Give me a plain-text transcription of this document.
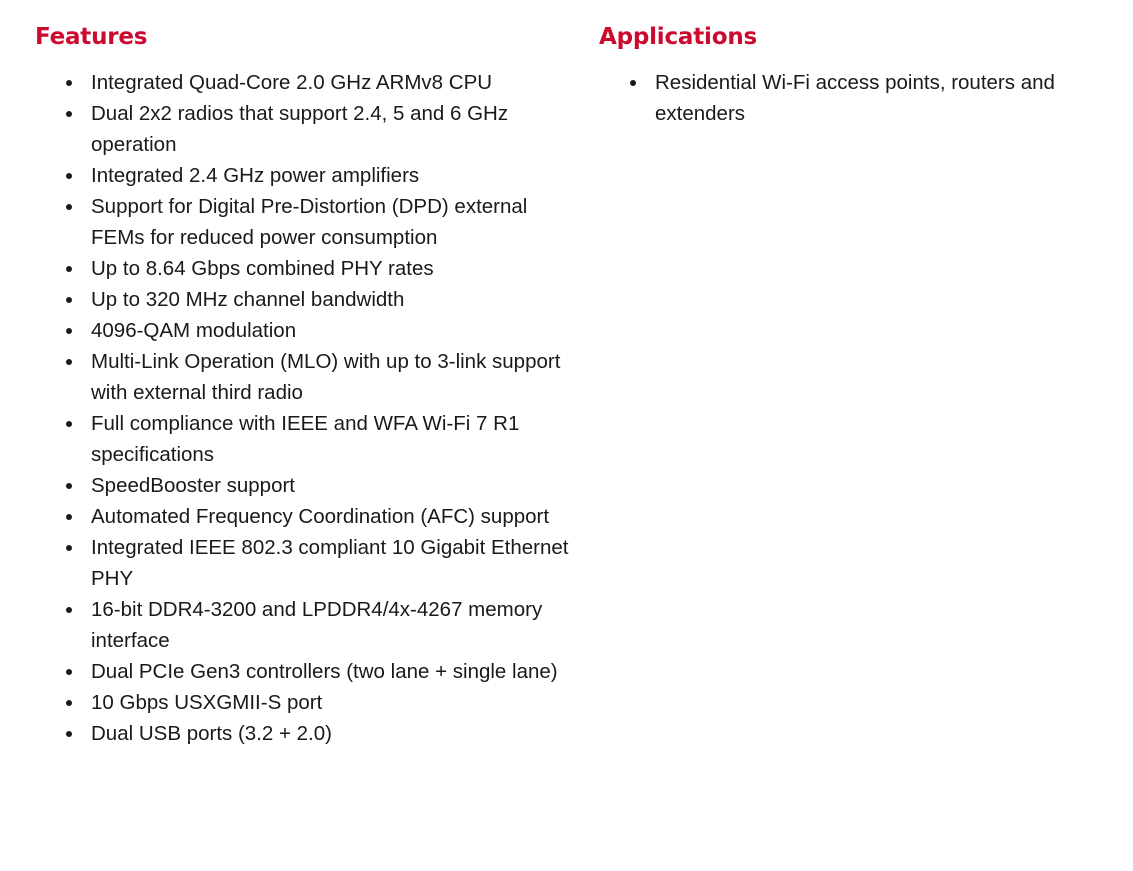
Features
Integrated Quad-Core 2.0 GHz ARMv8 CPU
Dual 2x2 radios that support 2.4, 5 and 6 GHz operation
Integrated 2.4 GHz power amplifiers
Support for Digital Pre-Distortion (DPD) external FEMs for reduced power consumption
Up to 8.64 Gbps combined PHY rates
Up to 320 MHz channel bandwidth
4096-QAM modulation
Multi-Link Operation (MLO) with up to 3-link support with external third radio
Full compliance with IEEE and WFA Wi-Fi 7 R1 specifications
SpeedBooster support
Automated Frequency Coordination (AFC) support
Integrated IEEE 802.3 compliant 10 Gigabit Ethernet PHY
16-bit DDR4-3200 and LPDDR4/4x-4267 memory interface
Dual PCIe Gen3 controllers (two lane + single lane)
10 Gbps USXGMII-S port
Dual USB ports (3.2 + 2.0)
Applications
Residential Wi-Fi access points, routers and extenders
